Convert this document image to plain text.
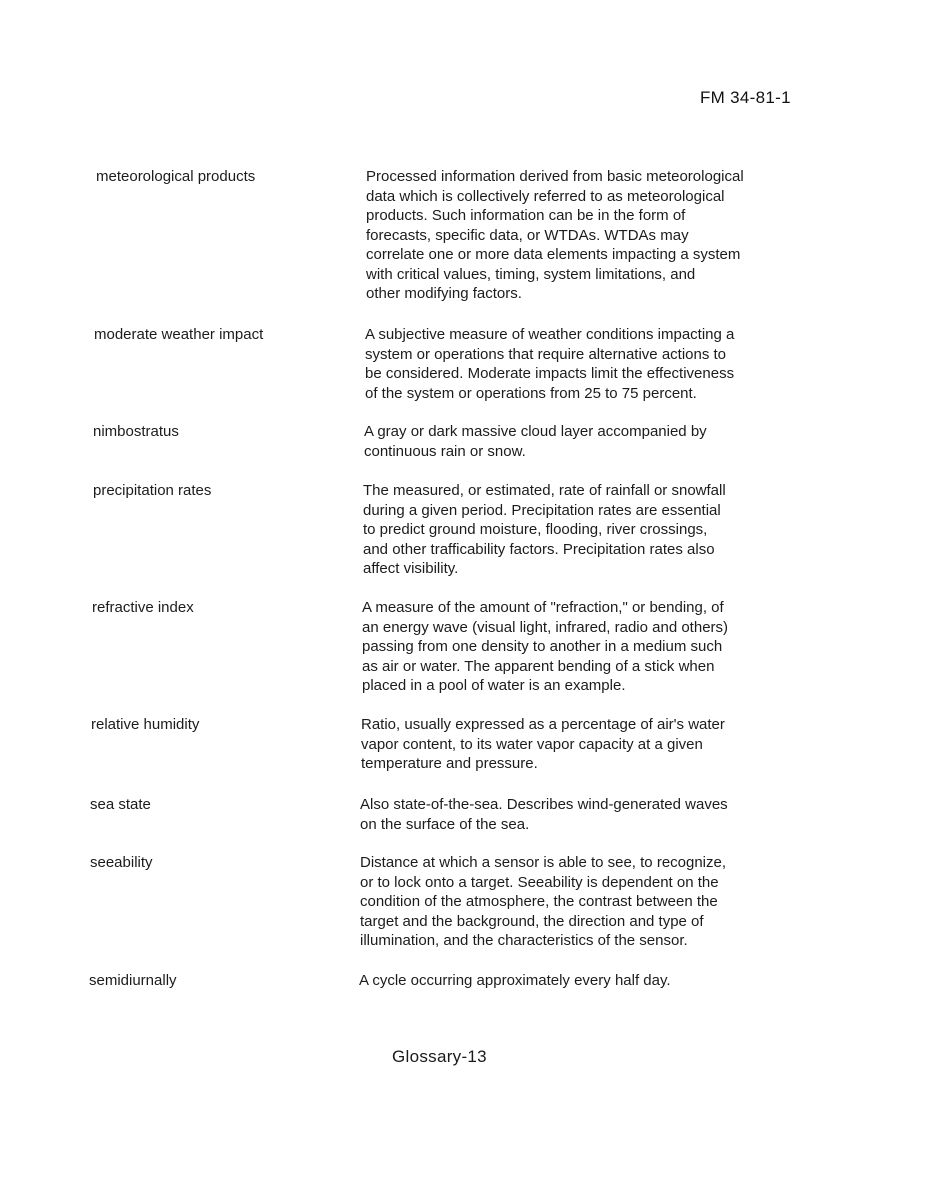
FM 34-81-1
meteorological products	Processed information derived from basic meteorological
data which is collectively referred to as meteorological
products. Such information can be in the form of
forecasts, specific data, or WTDAs. WTDAs may
correlate one or more data elements impacting a system
with critical values, timing, system limitations, and
other modifying factors.
moderate weather impact	A subjective measure of weather conditions impacting a
system or operations that require alternative actions to
be considered. Moderate impacts limit the effectiveness
of the system or operations from 25 to 75 percent.
nimbostratus	A gray or dark massive cloud layer accompanied by
continuous rain or snow.
precipitation rates	The measured, or estimated, rate of rainfall or snowfall
during a given period. Precipitation rates are essential
to predict ground moisture, flooding, river crossings,
and other trafficability factors. Precipitation rates also
affect visibility.
refractive index	A measure of the amount of "refraction," or bending, of
an energy wave (visual light, infrared, radio and others)
passing from one density to another in a medium such
as air or water. The apparent bending of a stick when
placed in a pool of water is an example.
relative humidity	Ratio, usually expressed as a percentage of air's water
vapor content, to its water vapor capacity at a given
temperature and pressure.
sea state	Also state-of-the-sea. Describes wind-generated waves
on the surface of the sea.
seeability	Distance at which a sensor is able to see, to recognize,
or to lock onto a target. Seeability is dependent on the
condition of the atmosphere, the contrast between the
target and the background, the direction and type of
illumination, and the characteristics of the sensor.
semidiurnally	A cycle occurring approximately every half day.
Glossary-13
